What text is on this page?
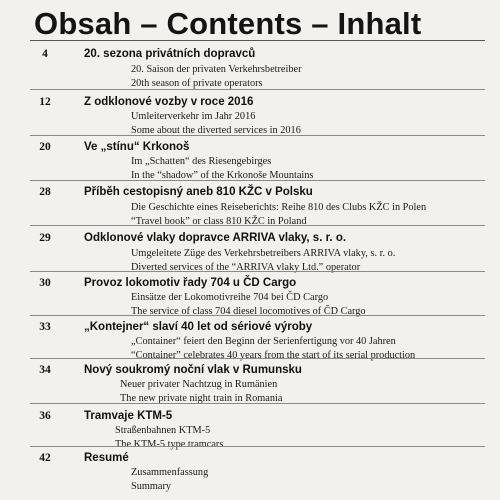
Obsah – Contents – Inhalt
4	20. sezona privátních dopravců
20. Saison der privaten Verkehrsbetreiber
20th season of private operators
12	Z odklonové vozby v roce 2016
Umleiterverkehr im Jahr 2016
Some about the diverted services in 2016
20	Ve „stínu“ Krkonoš
Im „Schatten“ des Riesengebirges
In the “shadow” of the Krkonoše Mountains
28	Příběh cestopisný aneb 810 KŽC v Polsku
Die Geschichte eines Reiseberichts: Reihe 810 des Clubs KŽC in Polen
“Travel book” or class 810 KŽC in Poland
29	Odklonové vlaky dopravce ARRIVA vlaky, s. r. o.
Umgeleitete Züge des Verkehrsbetreibers ARRIVA vlaky, s. r. o.
Diverted services of the “ARRIVA vlaky Ltd.” operator
30	Provoz lokomotiv řady 704 u ČD Cargo
Einsätze der Lokomotivreihe 704 bei ČD Cargo
The service of class 704 diesel locomotives of ČD Cargo
33	„Kontejner“ slaví 40 let od sériové výroby
„Container“ feiert den Beginn der Serienfertigung vor 40 Jahren
“Container” celebrates 40 years from the start of its serial production
34	Nový soukromý noční vlak v Rumunsku
Neuer privater Nachtzug in Rumänien
The new private night train in Romania
36	Tramvaje KTM-5
Straßenbahnen KTM-5
The KTM-5 type tramcars
42	Resumé
Zusammenfassung
Summary
